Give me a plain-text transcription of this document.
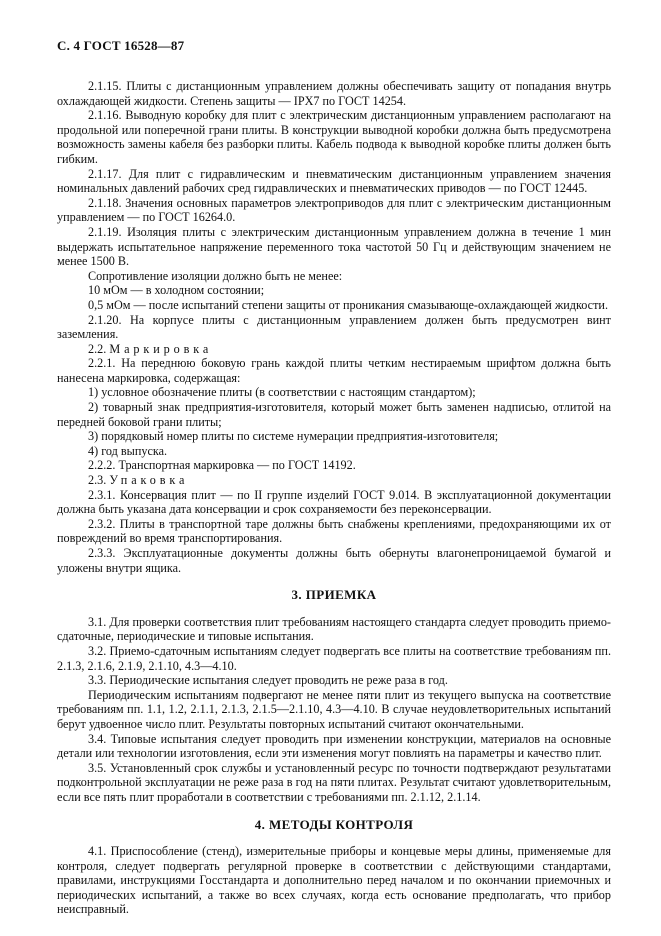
С. 4 ГОСТ 16528—87

2.1.15. Плиты с дистанционным управлением должны обеспечивать защиту от попадания внутрь охлаждающей жидкости. Степень защиты — IPX7 по ГОСТ 14254.

2.1.16. Выводную коробку для плит с электрическим дистанционным управлением располагают на продольной или поперечной грани плиты. В конструкции выводной коробки должна быть предусмотрена возможность замены кабеля без разборки плиты. Кабель подвода к выводной коробке плиты должен быть гибким.

2.1.17. Для плит с гидравлическим и пневматическим дистанционным управлением значения номинальных давлений рабочих сред гидравлических и пневматических приводов — по ГОСТ 12445.

2.1.18. Значения основных параметров электроприводов для плит с электрическим дистанционным управлением — по ГОСТ 16264.0.

2.1.19. Изоляция плиты с электрическим дистанционным управлением должна в течение 1 мин выдержать испытательное напряжение переменного тока частотой 50 Гц и действующим значением не менее 1500 В.

Сопротивление изоляции должно быть не менее:

10 мОм — в холодном состоянии;

0,5 мОм — после испытаний степени защиты от проникания смазывающе-охлаждающей жидкости.

2.1.20. На корпусе плиты с дистанционным управлением должен быть предусмотрен винт заземления.

2.2. Маркировка

2.2.1. На переднюю боковую грань каждой плиты четким нестираемым шрифтом должна быть нанесена маркировка, содержащая:

1) условное обозначение плиты (в соответствии с настоящим стандартом);

2) товарный знак предприятия-изготовителя, который может быть заменен надписью, отлитой на передней боковой грани плиты;

3) порядковый номер плиты по системе нумерации предприятия-изготовителя;

4) год выпуска.

2.2.2. Транспортная маркировка — по ГОСТ 14192.

2.3. Упаковка

2.3.1. Консервация плит — по II группе изделий ГОСТ 9.014. В эксплуатационной документации должна быть указана дата консервации и срок сохраняемости без переконсервации.

2.3.2. Плиты в транспортной таре должны быть снабжены креплениями, предохраняющими их от повреждений во время транспортирования.

2.3.3. Эксплуатационные документы должны быть обернуты влагонепроницаемой бумагой и уложены внутри ящика.

3. ПРИЕМКА

3.1. Для проверки соответствия плит требованиям настоящего стандарта следует проводить приемо-сдаточные, периодические и типовые испытания.

3.2. Приемо-сдаточным испытаниям следует подвергать все плиты на соответствие требованиям пп. 2.1.3, 2.1.6, 2.1.9, 2.1.10, 4.3—4.10.

3.3. Периодические испытания следует проводить не реже раза в год.

Периодическим испытаниям подвергают не менее пяти плит из текущего выпуска на соответствие требованиям пп. 1.1, 1.2, 2.1.1, 2.1.3, 2.1.5—2.1.10, 4.3—4.10. В случае неудовлетворительных испытаний берут удвоенное число плит. Результаты повторных испытаний считают окончательными.

3.4. Типовые испытания следует проводить при изменении конструкции, материалов на основные детали или технологии изготовления, если эти изменения могут повлиять на параметры и качество плит.

3.5. Установленный срок службы и установленный ресурс по точности подтверждают результатами подконтрольной эксплуатации не реже раза в год на пяти плитах. Результат считают удовлетворительным, если все пять плит проработали в соответствии с требованиями пп. 2.1.12, 2.1.14.

4. МЕТОДЫ КОНТРОЛЯ

4.1. Приспособление (стенд), измерительные приборы и концевые меры длины, применяемые для контроля, следует подвергать регулярной проверке в соответствии с действующими стандартами, правилами, инструкциями Госстандарта и дополнительно перед началом и по окончании приемочных и периодических испытаний, а также во всех случаях, когда есть основание предполагать, что прибор неисправный.
